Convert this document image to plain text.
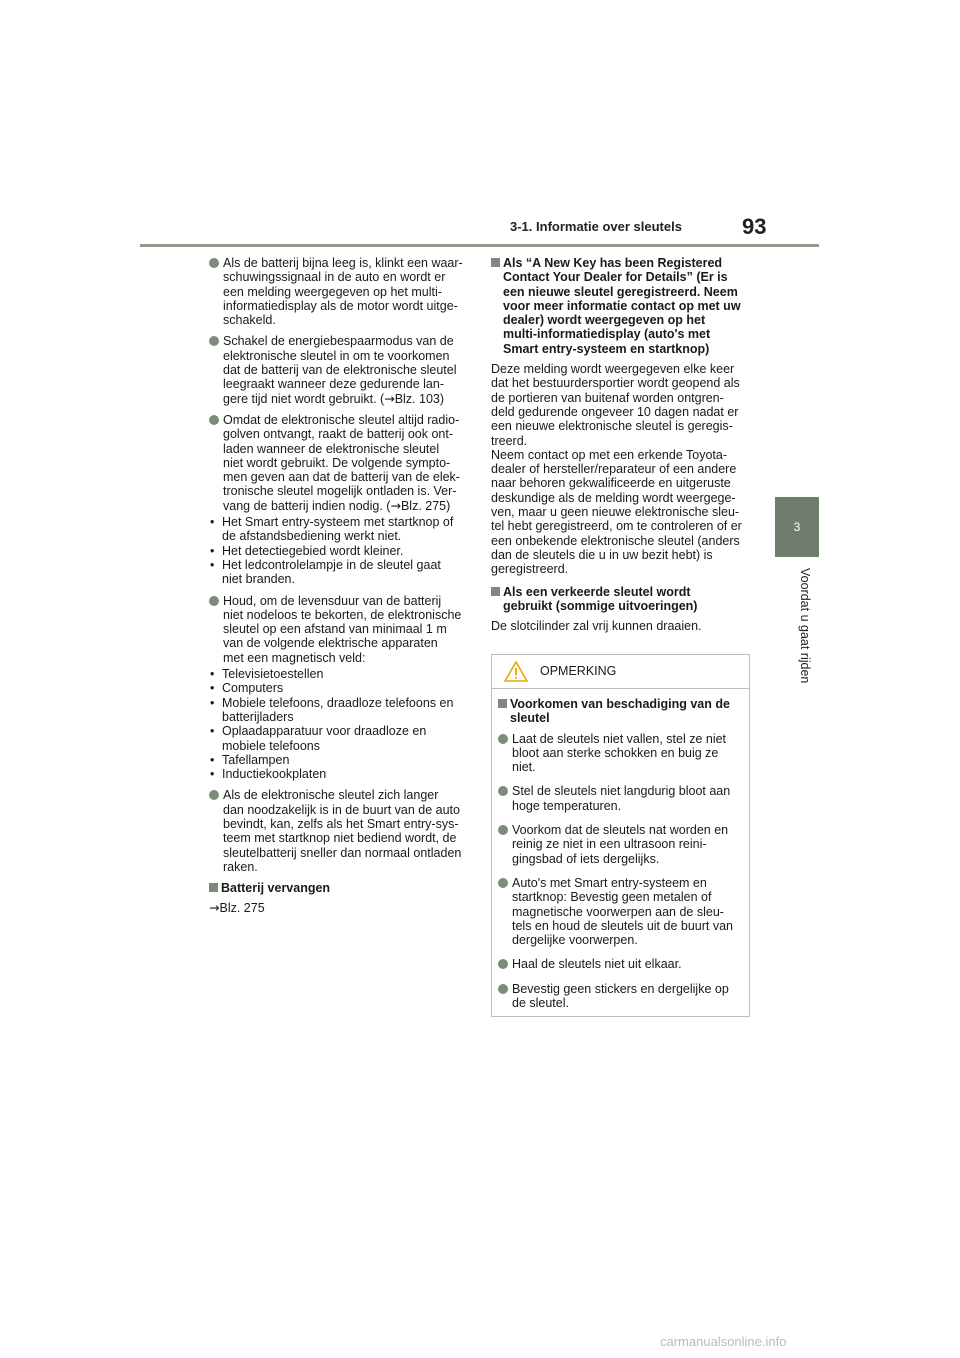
3-1. Informatie over sleutels	93
3
Voordat u gaat rijden
Als de batterij bijna leeg is, klinkt een waar-
schuwingssignaal in de auto en wordt er
een melding weergegeven op het multi-
informatiedisplay als de motor wordt uitge-
schakeld.
Schakel de energiebespaarmodus van de
elektronische sleutel in om te voorkomen
dat de batterij van de elektronische sleutel
leegraakt wanneer deze gedurende lan-
gere tijd niet wordt gebruikt. (→Blz. 103)
Omdat de elektronische sleutel altijd radio-
golven ontvangt, raakt de batterij ook ont-
laden wanneer de elektronische sleutel
niet wordt gebruikt. De volgende sympto-
men geven aan dat de batterij van de elek-
tronische sleutel mogelijk ontladen is. Ver-
vang de batterij indien nodig. (→Blz. 275)
• Het Smart entry-systeem met startknop of
de afstandsbediening werkt niet.
• Het detectiegebied wordt kleiner.
• Het ledcontrolelampje in de sleutel gaat
niet branden.
Houd, om de levensduur van de batterij
niet nodeloos te bekorten, de elektronische
sleutel op een afstand van minimaal 1 m
van de volgende elektrische apparaten
met een magnetisch veld:
• Televisietoestellen
• Computers
• Mobiele telefoons, draadloze telefoons en
batterijladers
• Oplaadapparatuur voor draadloze en
mobiele telefoons
• Tafellampen
• Inductiekookplaten
Als de elektronische sleutel zich langer
dan noodzakelijk is in de buurt van de auto
bevindt, kan, zelfs als het Smart entry-sys-
teem met startknop niet bediend wordt, de
sleutelbatterij sneller dan normaal ontladen
raken.
Batterij vervangen
→Blz. 275
Als “A New Key has been Registered
Contact Your Dealer for Details” (Er is
een nieuwe sleutel geregistreerd. Neem
voor meer informatie contact op met uw
dealer) wordt weergegeven op het
multi-informatiedisplay (auto's met
Smart entry-systeem en startknop)
Deze melding wordt weergegeven elke keer
dat het bestuurdersportier wordt geopend als
de portieren van buitenaf worden ontgren-
deld gedurende ongeveer 10 dagen nadat er
een nieuwe elektronische sleutel is geregis-
treerd.
Neem contact op met een erkende Toyota-
dealer of hersteller/reparateur of een andere
naar behoren gekwalificeerde en uitgeruste
deskundige als de melding wordt weergege-
ven, maar u geen nieuwe elektronische sleu-
tel hebt geregistreerd, om te controleren of er
een onbekende elektronische sleutel (anders
dan de sleutels die u in uw bezit hebt) is
geregistreerd.
Als een verkeerde sleutel wordt
gebruikt (sommige uitvoeringen)
De slotcilinder zal vrij kunnen draaien.
OPMERKING
Voorkomen van beschadiging van de
sleutel
Laat de sleutels niet vallen, stel ze niet
bloot aan sterke schokken en buig ze
niet.
Stel de sleutels niet langdurig bloot aan
hoge temperaturen.
Voorkom dat de sleutels nat worden en
reinig ze niet in een ultrasoon reini-
gingsbad of iets dergelijks.
Auto's met Smart entry-systeem en
startknop: Bevestig geen metalen of
magnetische voorwerpen aan de sleu-
tels en houd de sleutels uit de buurt van
dergelijke voorwerpen.
Haal de sleutels niet uit elkaar.
Bevestig geen stickers en dergelijke op
de sleutel.
carmanualsonline.info
